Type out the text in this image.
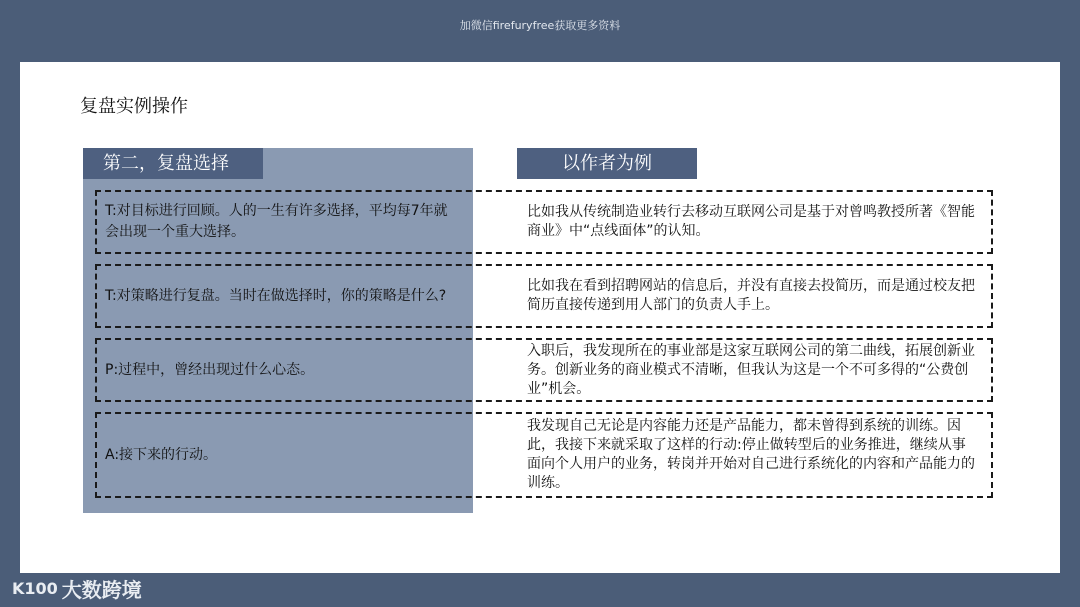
加微信firefuryfree获取更多资料
复盘实例操作
第二，复盘选择	以作者为例
T:对目标进行回顾。人的一生有许多选择，平均每7年就会出现一个重大选择。
比如我从传统制造业转行去移动互联网公司是基于对曾鸣教授所著《智能商业》中“点线面体”的认知。
T:对策略进行复盘。当时在做选择时，你的策略是什么?
比如我在看到招聘网站的信息后，并没有直接去投简历，而是通过校友把简历直接传递到用人部门的负责人手上。
P:过程中，曾经出现过什么心态。
入职后，我发现所在的事业部是这家互联网公司的第二曲线，拓展创新业务。创新业务的商业模式不清晰，但我认为这是一个不可多得的“公费创业”机会。
A:接下来的行动。
我发现自己无论是内容能力还是产品能力，都未曾得到系统的训练。因此，我接下来就采取了这样的行动:停止做转型后的业务推进，继续从事面向个人用户的业务，转岗并开始对自己进行系统化的内容和产品能力的训练。
K100 大数跨境
